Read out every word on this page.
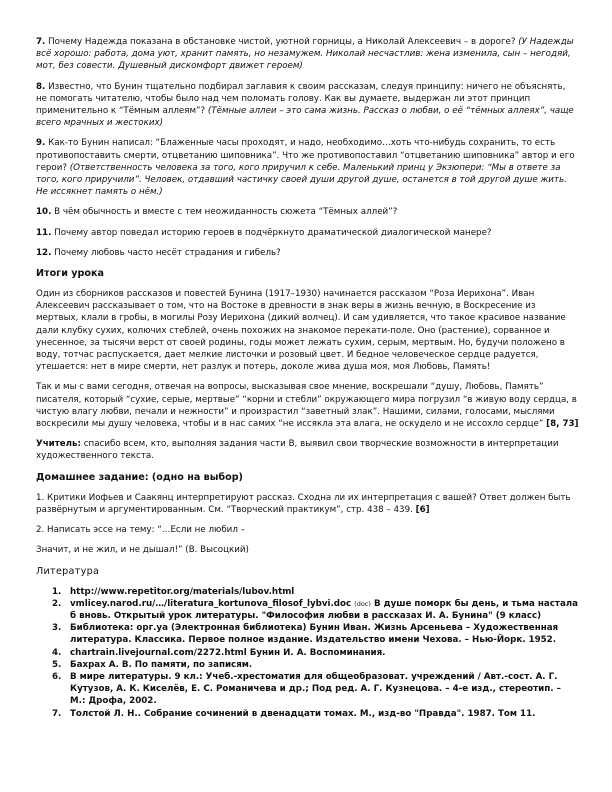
7. Почему Надежда показана в обстановке чистой, уютной горницы, а Николай Алексеевич – в дороге? (У Надежды всё хорошо: работа, дома уют, хранит память, но незамужем. Николай несчастлив: жена изменила, сын – негодяй, мот, без совести. Душевный дискомфорт движет героем)

8. Известно, что Бунин тщательно подбирал заглавия к своим рассказам, следуя принципу: ничего не объяснять, не помогать читателю, чтобы было над чем поломать голову. Как вы думаете, выдержан ли этот принцип применительно к “Тёмным аллеям”? (Тёмные аллеи – это сама жизнь. Рассказ о любви, о её “тёмных аллеях”, чаще всего мрачных и жестоких)

9. Как-то Бунин написал: “Блаженные часы проходят, и надо, необходимо…хоть что-нибудь сохранить, то есть противопоставить смерти, отцветанию шиповника”. Что же противопоставил “отцветанию шиповника” автор и его герои? (Ответственность человека за того, кого приручил к себе. Маленький принц у Экзюпери: “Мы в ответе за того, кого приручили”. Человек, отдавший частичку своей души другой душе, останется в той другой душе жить. Не иссякнет память о нём.)

10. В чём обычность и вместе с тем неожиданность сюжета “Тёмных аллей”?

11. Почему автор поведал историю героев в подчёркнуто драматической диалогической манере?

12. Почему любовь часто несёт страдания и гибель?

Итоги урока

Один из сборников рассказов и повестей Бунина (1917–1930) начинается рассказом “Роза Иерихона”. Иван Алексеевич рассказывает о том, что на Востоке в древности в знак веры в жизнь вечную, в Воскресение из мертвых, клали в гробы, в могилы Розу Иерихона (дикий волчец). И сам удивляется, что такое красивое название дали клубку сухих, колючих стеблей, очень похожих на знакомое перекати-поле. Оно (растение), сорванное и унесенное, за тысячи верст от своей родины, годы может лежать сухим, серым, мертвым. Но, будучи положено в воду, тотчас распускается, дает мелкие листочки и розовый цвет. И бедное человеческое сердце радуется, утешается: нет в мире смерти, нет разлук и потерь, доколе жива душа моя, моя Любовь, Память!

Так и мы с вами сегодня, отвечая на вопросы, высказывая свое мнение, воскрешали “душу, Любовь, Память” писателя, который “сухие, серые, мертвые” “корни и стебли” окружающего мира погрузил “в живую воду сердца, в чистую влагу любви, печали и нежности” и произрастил “заветный злак”. Нашими, силами, голосами, мыслями воскресили мы душу человека, чтобы и в нас самих “не иссякла эта влага, не оскудело и не иссохло сердце” [8, 73]

Учитель: спасибо всем, кто, выполняя задания части В, выявил свои творческие возможности в интерпретации художественного текста.

Домашнее задание: (одно на выбор)

1. Критики Иофьев и Саакянц интерпретируют рассказ. Сходна ли их интерпретация с вашей? Ответ должен быть развёрнутым и аргументированным. См. “Творческий практикум”, стр. 438 – 439. [6]

2. Написать эссе на тему: “…Если не любил –

Значит, и не жил, и не дышал!” (В. Высоцкий)

Литература

1. http://www.repetitor.org/materials/lubov.html
2. vmlicey.narod.ru/…/literatura_kortunova_filosof_lybvi.doc (doc) В душе поморк бы день, и тьма настала б вновь. Открытый урок литературы. "Философия любви в рассказах И. А. Бунина" (9 класс)
3. Библиотека: орг.уа (Электронная библиотека) Бунин Иван. Жизнь Арсеньева – Художественная литература. Классика. Первое полное издание. Издательство имени Чехова. – Нью-Йорк. 1952.
4. chartrain.livejournal.com/2272.html Бунин И. А. Воспоминания.
5. Бахрах А. В. По памяти, по записям.
6. В мире литературы. 9 кл.: Учеб.-хрестоматия для общеобразоват. учреждений / Авт.-сост. А. Г. Кутузов, А. К. Киселёв, Е. С. Романичева и др.; Под ред. А. Г. Кузнецова. – 4-е изд., стереотип. – М.: Дрофа, 2002.
7. Толстой Л. Н.. Собрание сочинений в двенадцати томах. М., изд-во "Правда". 1987. Том 11.
